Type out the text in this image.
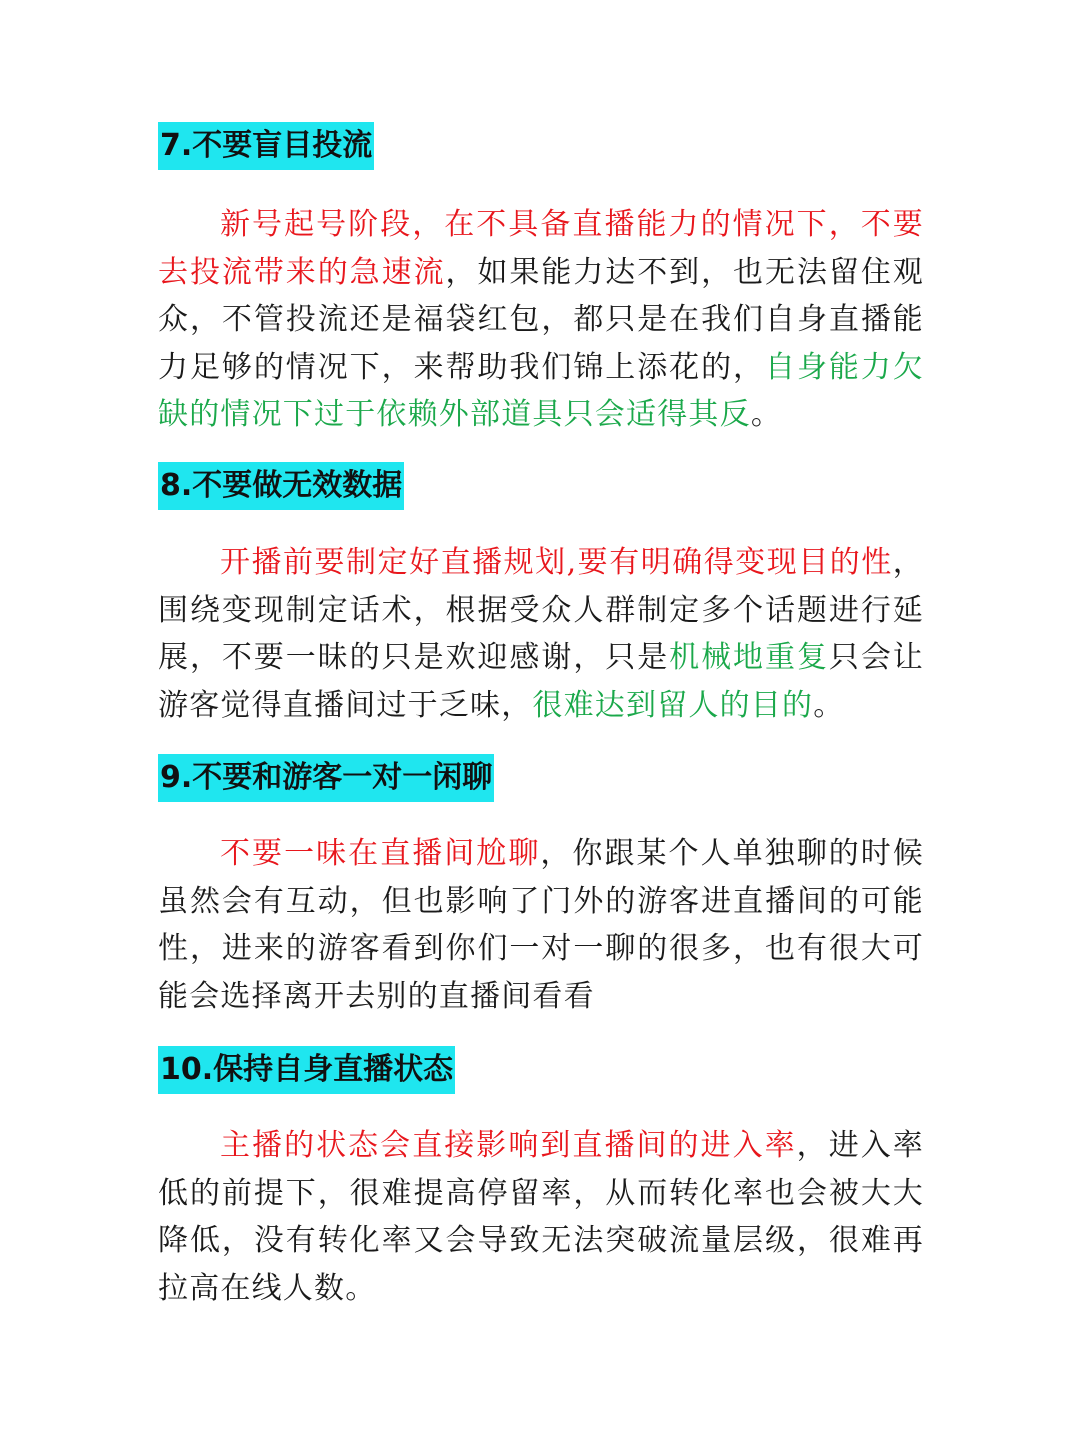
7.不要盲目投流

新号起号阶段，在不具备直播能力的情况下，不要去投流带来的急速流，如果能力达不到，也无法留住观众，不管投流还是福袋红包，都只是在我们自身直播能力足够的情况下，来帮助我们锦上添花的，自身能力欠缺的情况下过于依赖外部道具只会适得其反。

8.不要做无效数据

开播前要制定好直播规划,要有明确得变现目的性，围绕变现制定话术，根据受众人群制定多个话题进行延展，不要一昧的只是欢迎感谢，只是机械地重复只会让游客觉得直播间过于乏味，很难达到留人的目的。

9.不要和游客一对一闲聊

不要一味在直播间尬聊，你跟某个人单独聊的时候虽然会有互动，但也影响了门外的游客进直播间的可能性，进来的游客看到你们一对一聊的很多，也有很大可能会选择离开去别的直播间看看

10.保持自身直播状态

主播的状态会直接影响到直播间的进入率，进入率低的前提下，很难提高停留率，从而转化率也会被大大降低，没有转化率又会导致无法突破流量层级，很难再拉高在线人数。
